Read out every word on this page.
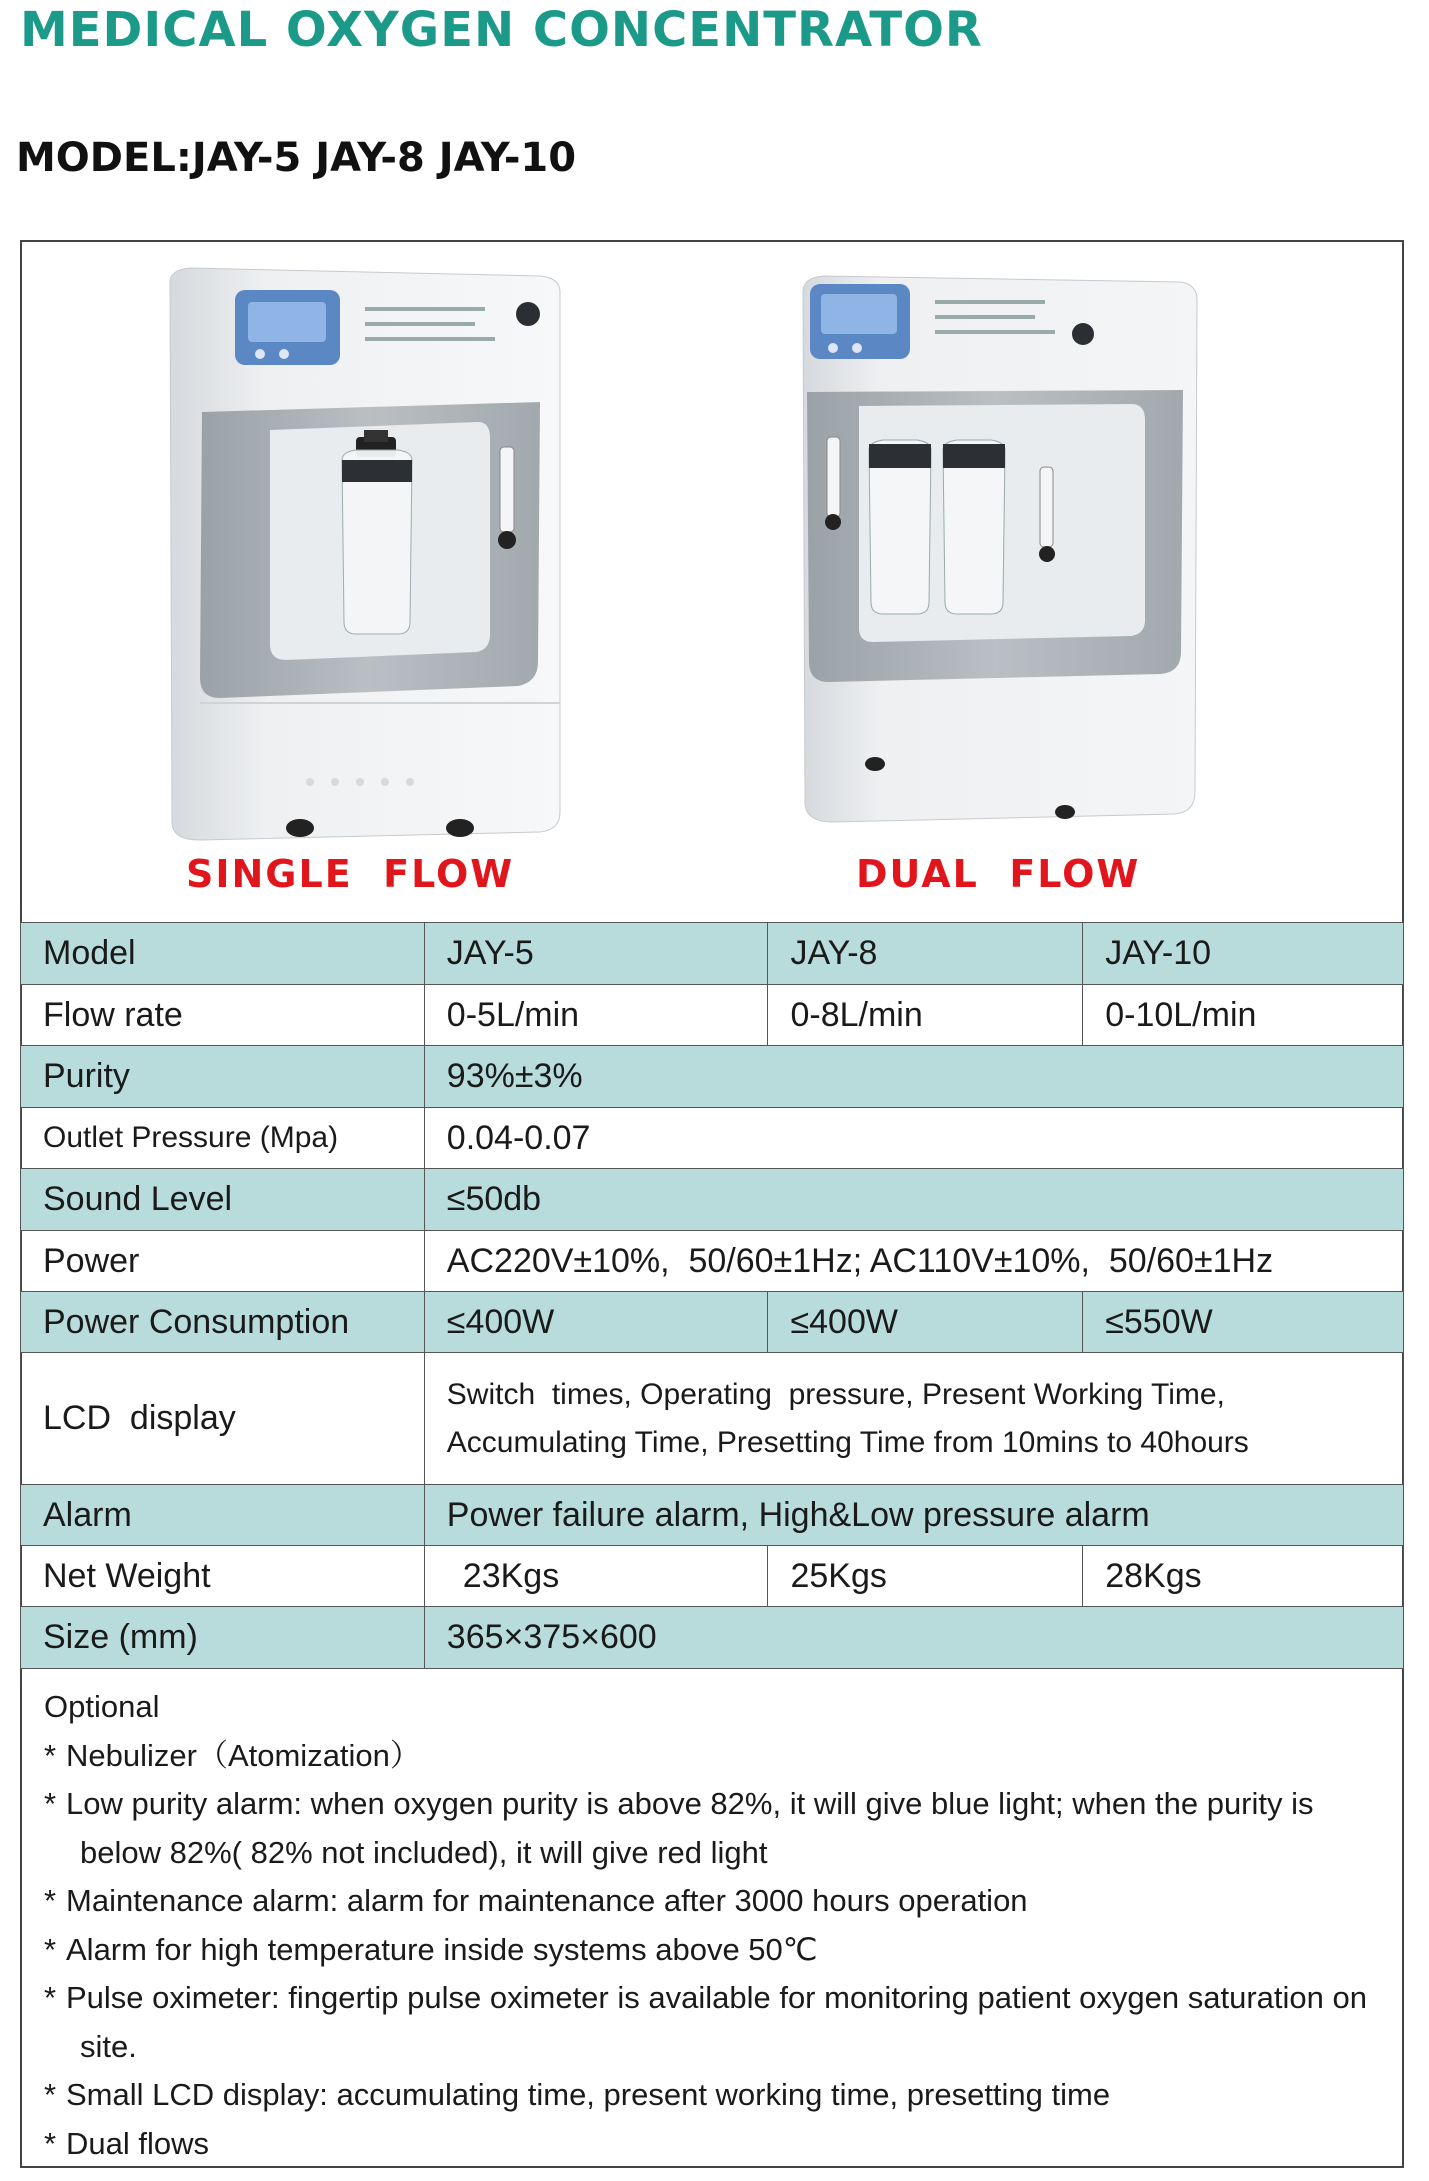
MEDICAL OXYGEN CONCENTRATOR
MODEL:JAY-5 JAY-8 JAY-10
SINGLE  FLOW	DUAL  FLOW
Model	JAY-5	JAY-8	JAY-10
Flow rate	0-5L/min	0-8L/min	0-10L/min
Purity	93%±3%		
Outlet Pressure (Mpa)	0.04-0.07		
Sound Level	≤50db		
Power	AC220V±10%,  50/60±1Hz; AC110V±10%,  50/60±1Hz		
Power Consumption	≤400W	≤400W	≤550W
LCD  display	Switch  times, Operating  pressure, Present Working Time,
Accumulating Time, Presetting Time from 10mins to 40hours		

Alarm	Power failure alarm, High&Low pressure alarm		
Net Weight	23Kgs	25Kgs	28Kgs
Size (mm)	365×375×600		
Optional
* Nebulizer（Atomization）
* Low purity alarm: when oxygen purity is above 82%, it will give blue light; when the purity is below 82%( 82% not included), it will give red light
* Maintenance alarm: alarm for maintenance after 3000 hours operation
* Alarm for high temperature inside systems above 50℃
* Pulse oximeter: fingertip pulse oximeter is available for monitoring patient oxygen saturation on site.
* Small LCD display: accumulating time, present working time, presetting time
* Dual flows
